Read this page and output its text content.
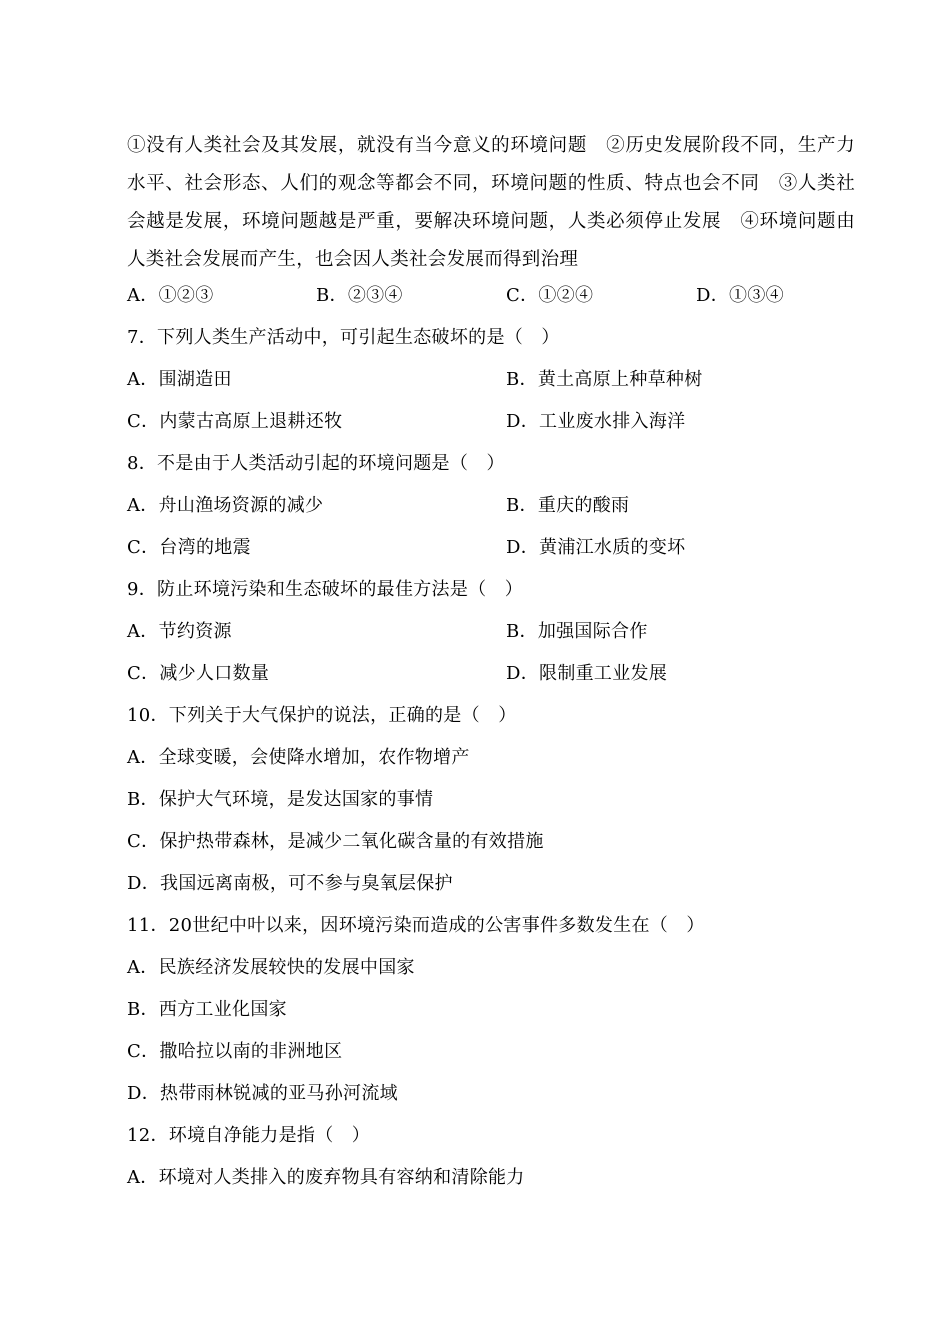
①没有人类社会及其发展，就没有当今意义的环境问题　②历史发展阶段不同，生产力水平、社会形态、人们的观念等都会不同，环境问题的性质、特点也会不同　③人类社会越是发展，环境问题越是严重，要解决环境问题，人类必须停止发展　④环境问题由人类社会发展而产生，也会因人类社会发展而得到治理
A．①②③	B．②③④	C．①②④	D．①③④
7．下列人类生产活动中，可引起生态破坏的是（　）
A．围湖造田	B．黄土高原上种草种树
C．内蒙古高原上退耕还牧	D．工业废水排入海洋
8．不是由于人类活动引起的环境问题是（　）
A．舟山渔场资源的减少	B．重庆的酸雨
C．台湾的地震	D．黄浦江水质的变坏
9．防止环境污染和生态破坏的最佳方法是（　）
A．节约资源	B．加强国际合作
C．减少人口数量	D．限制重工业发展
10．下列关于大气保护的说法，正确的是（　）
A．全球变暖，会使降水增加，农作物增产
B．保护大气环境，是发达国家的事情
C．保护热带森林，是减少二氧化碳含量的有效措施
D．我国远离南极，可不参与臭氧层保护
11．20世纪中叶以来，因环境污染而造成的公害事件多数发生在（　）
A．民族经济发展较快的发展中国家
B．西方工业化国家
C．撒哈拉以南的非洲地区
D．热带雨林锐减的亚马孙河流域
12．环境自净能力是指（　）
A．环境对人类排入的废弃物具有容纳和清除能力
